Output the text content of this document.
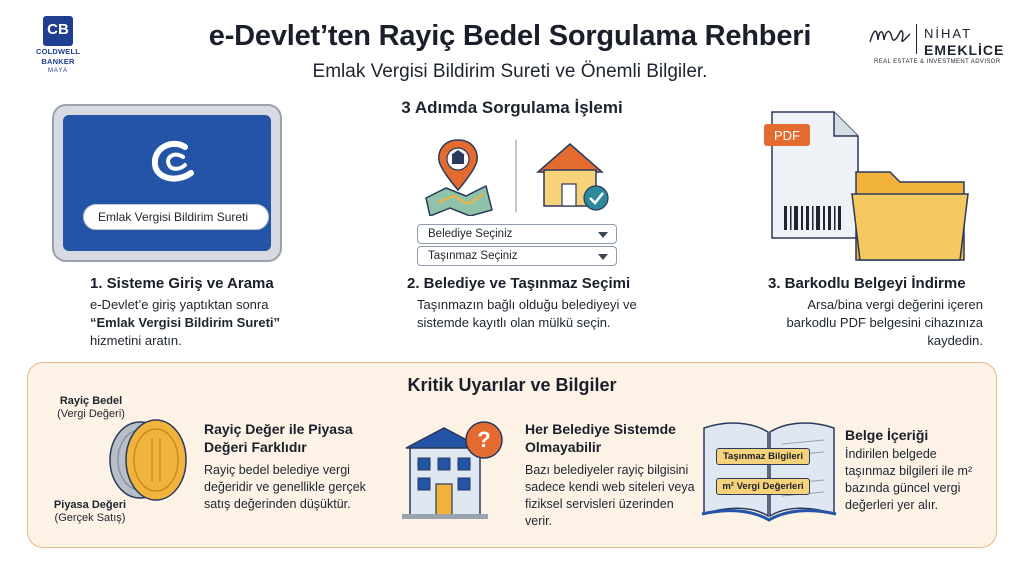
CB
COLDWELL
BANKER
MAYA
e-Devlet’ten Rayiç Bedel Sorgulama Rehberi
Emlak Vergisi Bildirim Sureti ve Önemli Bilgiler.
NİHAT
EMEKLİCE
REAL ESTATE & INVESTMENT ADVISOR
3 Adımda Sorgulama İşlemi
Emlak Vergisi Bildirim Sureti
1. Sisteme Giriş ve Arama
e-Devlet’e giriş yaptıktan sonra
“Emlak Vergisi Bildirim Sureti”
hizmetini aratın.
Belediye Seçiniz
Taşınmaz Seçiniz
2. Belediye ve Taşınmaz Seçimi
Taşınmazın bağlı olduğu belediyeyi ve sistemde kayıtlı olan mülkü seçin.
PDF
3. Barkodlu Belgeyi İndirme
Arsa/bina vergi değerini içeren barkodlu PDF belgesini cihazınıza kaydedin.
Kritik Uyarılar ve Bilgiler
Rayiç Bedel
(Vergi Değeri)
Piyasa Değeri
(Gerçek Satış)
Rayiç Değer ile Piyasa Değeri Farklıdır
Rayiç bedel belediye vergi değeridir ve genellikle gerçek satış değerinden düşüktür.
? Her Belediye Sistemde Olmayabilir
Bazı belediyeler rayiç bilgisini sadece kendi web siteleri veya fiziksel servisleri üzerinden verir.
Taşınmaz Bilgileri
m² Vergi Değerleri
Belge İçeriği
İndirilen belgede taşınmaz bilgileri ile m² bazında güncel vergi değerleri yer alır.
